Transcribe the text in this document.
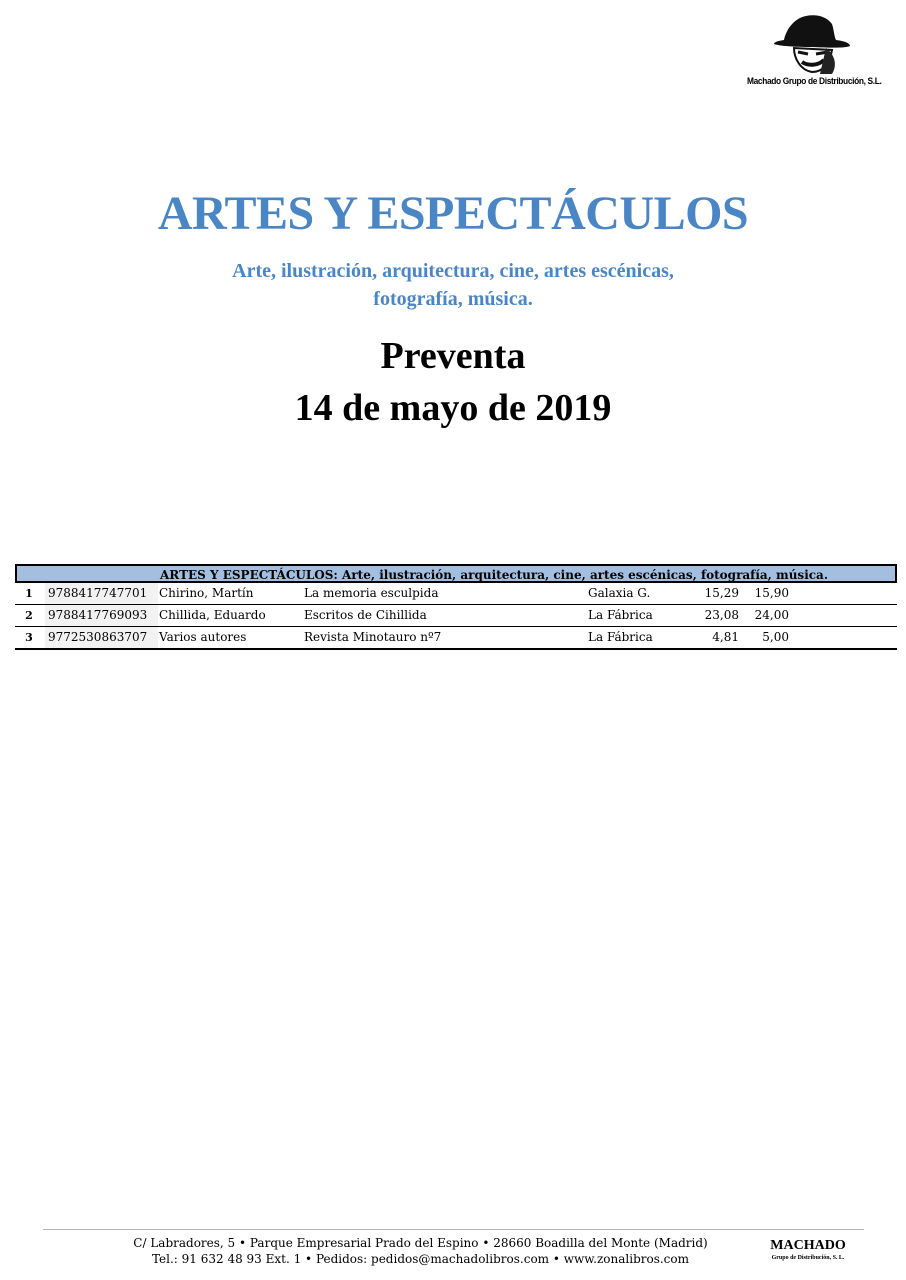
Machado Grupo de Distribución, S.L.
ARTES Y ESPECTÁCULOS
Arte, ilustración, arquitectura, cine, artes escénicas,
fotografía, música.
Preventa
14 de mayo de 2019
ARTES Y ESPECTÁCULOS: Arte, ilustración, arquitectura, cine, artes escénicas, fotografía, música.
1	9788417747701 Chirino, Martín	La memoria esculpida	Galaxia G.	15,29	15,90
2	9788417769093 Chillida, Eduardo	Escritos de Cihillida	La Fábrica	23,08	24,00
3	9772530863707 Varios autores	Revista Minotauro nº7	La Fábrica	4,81	5,00
C/ Labradores, 5 • Parque Empresarial Prado del Espino • 28660 Boadilla del Monte (Madrid)
Tel.: 91 632 48 93 Ext. 1 • Pedidos: pedidos@machadolibros.com • www.zonalibros.com
MACHADO
Grupo de Distribución, S. L.
